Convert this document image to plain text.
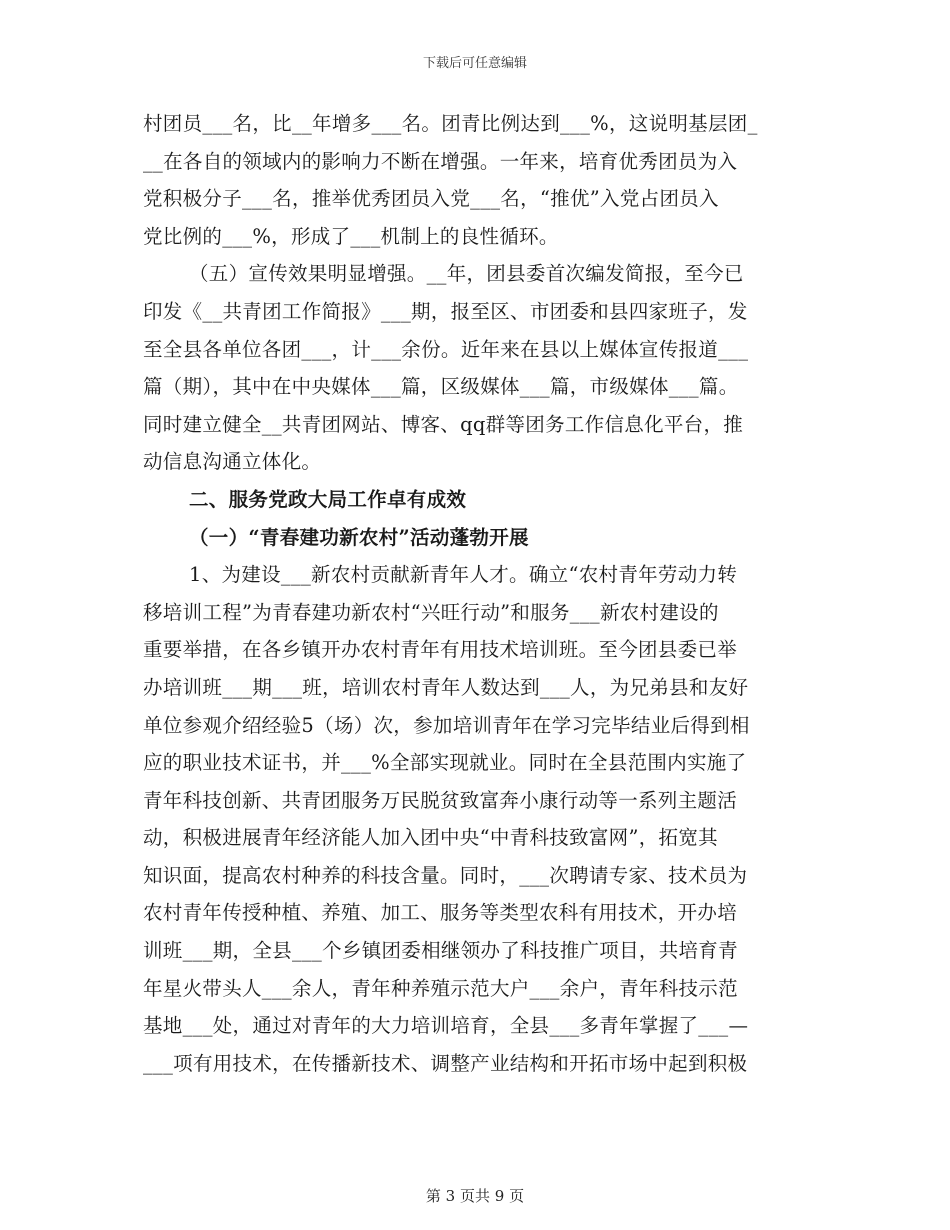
下载后可任意编辑
村团员___名，比__年增多___名。团青比例达到___%，这说明基层团_
__在各自的领域内的影响力不断在增强。一年来，培育优秀团员为入
党积极分子___名，推举优秀团员入党___名，“推优”入党占团员入
党比例的___%，形成了___机制上的良性循环。
（五）宣传效果明显增强。__年，团县委首次编发简报，至今已
印发《__共青团工作简报》___期，报至区、市团委和县四家班子，发
至全县各单位各团___，计___余份。近年来在县以上媒体宣传报道___
篇（期），其中在中央媒体___篇，区级媒体___篇，市级媒体___篇。
同时建立健全__共青团网站、博客、qq群等团务工作信息化平台，推
动信息沟通立体化。
二、服务党政大局工作卓有成效
（一）“青春建功新农村”活动蓬勃开展
1、为建设___新农村贡献新青年人才。确立“农村青年劳动力转
移培训工程”为青春建功新农村“兴旺行动”和服务___新农村建设的
重要举措，在各乡镇开办农村青年有用技术培训班。至今团县委已举
办培训班___期___班，培训农村青年人数达到___人，为兄弟县和友好
单位参观介绍经验5（场）次，参加培训青年在学习完毕结业后得到相
应的职业技术证书，并___%全部实现就业。同时在全县范围内实施了
青年科技创新、共青团服务万民脱贫致富奔小康行动等一系列主题活
动，积极进展青年经济能人加入团中央“中青科技致富网”，拓宽其
知识面，提高农村种养的科技含量。同时，___次聘请专家、技术员为
农村青年传授种植、养殖、加工、服务等类型农科有用技术，开办培
训班___期，全县___个乡镇团委相继领办了科技推广项目，共培育青
年星火带头人___余人，青年种养殖示范大户___余户，青年科技示范
基地___处，通过对青年的大力培训培育，全县___多青年掌握了___—
___项有用技术，在传播新技术、调整产业结构和开拓市场中起到积极
第 3 页共 9 页
